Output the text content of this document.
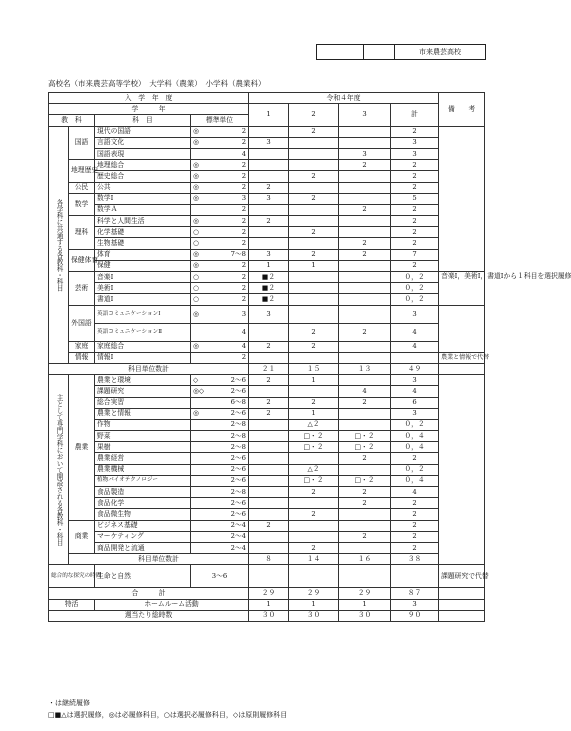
市来農芸高校
高校名（市来農芸高等学校）　大学科（農業）　小学科（農業科）
入　学　年　度				令和４年度				備　　考
学　　　年				1	2	3	計	
教　科		科　目	標準単位					
各学科に共通する各教科・科目	国語	現代の国語	◎ 2		2		2	
		言語文化	◎ 2	3			3	
		国語表現	4			3	3	
	地理歴史	地理総合	◎ 2			2	2	
		歴史総合	◎ 2		2		2	
	公民	公共	◎ 2	2			2	
	数学	数学Ⅰ	◎ 3	3	2		5	
		数学Ａ	2			2	2	
	理科	科学と人間生活	◎ 2	2			2	
		化学基礎	○ 2		2		2	
		生物基礎	○ 2			2	2	
	保健体育	体育	◎ 7～8	3	2	2	7	
		保健	◎ 2	1	1		2	
	芸術	音楽Ⅰ	○ 2	■２			０，２	音楽Ⅰ，美術Ⅰ，書道Ⅰから１科目を選択履修
		美術Ⅰ	○ 2	■２			０，２	
		書道Ⅰ	○ 2	■２			０，２	
	外国語	英語コミュニケーションⅠ	◎ 3	3			3	
		英語コミュニケーションⅡ	4		2	2	4	
	家庭	家庭総合	◎ 4	2	2		4	
	情報	情報Ⅰ	2					農業と情報で代替
科目単位数計				２１	１５	１３	４９	
主として専門学科において開設される各教科・科目	農業	農業と環境	◇ 2～6	2	1		3	
		課題研究	◎◇ 2～6			4	4	
		総合実習	6～8	2	2	2	6	
		農業と情報	◎ 2～6	2	1		3	
		作物	2～8		△２		０，２	
		野菜	2～8		□・２	□・２	０，４	
		果樹	2～8		□・２	□・２	０，４	
		農業経営	2～6			2	2	
		農業機械	2～6		△２		０，２	
		植物バイオテクノロジー	2～6		□・２	□・２	０，４	
		食品製造	2～8		2	2	4	
		食品化学	2～6			2	2	
		食品微生物	2～6		2		2	
	商業	ビジネス基礎	2～4	2			2	
		マーケティング	2～4			2	2	
		商品開発と流通	2～4		2		2	
	科目単位数計			８	１４	１６	３８	
総合的な探究の時間		生命と自然	3～6					課題研究で代替
合　　　計				２９	２９	２９	８７	
特活		ホームルーム活動		1	1	1	3	
週当たり総時数				３０	３０	３０	９０	
・は継続履修
□■△は選択履修，◎は必履修科目，○は選択必履修科目，◇は原則履修科目
